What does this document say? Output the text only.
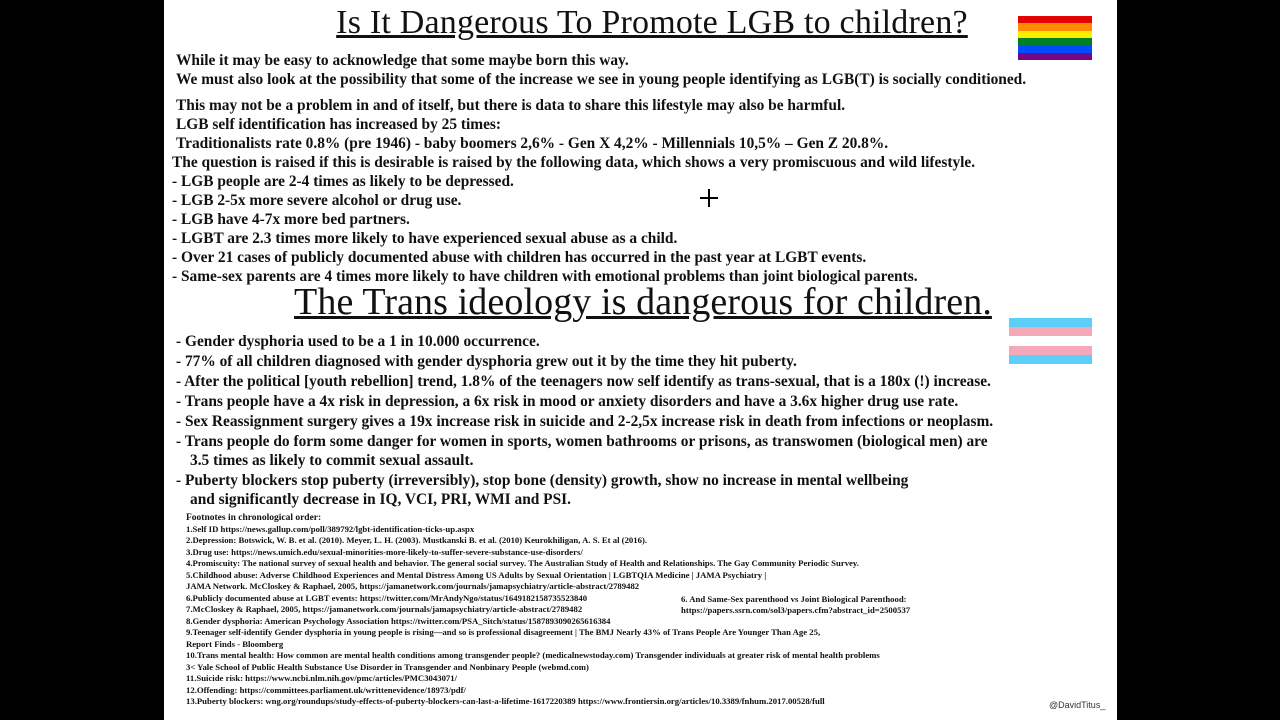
Is It Dangerous To Promote LGB to children?
While it may be easy to acknowledge that some maybe born this way.
We must also look at the possibility that some of the increase we see in young people identifying as LGB(T) is socially conditioned.
This may not be a problem in and of itself, but there is data to share this lifestyle may also be harmful.
LGB self identification has increased by 25 times:
Traditionalists rate 0.8% (pre 1946) - baby boomers 2,6% - Gen X 4,2% - Millennials 10,5% – Gen Z 20.8%.
The question is raised if this is desirable is raised by the following data, which shows a very promiscuous and wild lifestyle.
- LGB people are 2-4 times as likely to be depressed.
- LGB 2-5x more severe alcohol or drug use.
- LGB have 4-7x more bed partners.
- LGBT are 2.3 times more likely to have experienced sexual abuse as a child.
- Over 21 cases of publicly documented abuse with children has occurred in the past year at LGBT events.
- Same-sex parents are 4 times more likely to have children with emotional problems than joint biological parents.
The Trans ideology is dangerous for children.
- Gender dysphoria used to be a 1 in 10.000 occurrence.
- 77% of all children diagnosed with gender dysphoria grew out it by the time they hit puberty.
- After the political [youth rebellion] trend, 1.8% of the teenagers now self identify as trans-sexual, that is a 180x (!) increase.
- Trans people have a 4x risk in depression, a 6x risk in mood or anxiety disorders and have a 3.6x higher drug use rate.
- Sex Reassignment surgery gives a 19x increase risk in suicide and 2-2,5x increase risk in death from infections or neoplasm.
- Trans people do form some danger for women in sports, women bathrooms or prisons, as transwomen (biological men) are
3.5 times as likely to commit sexual assault.
- Puberty blockers stop puberty (irreversibly), stop bone (density) growth, show no increase in mental wellbeing
and significantly decrease in IQ, VCI, PRI, WMI and PSI.
Footnotes in chronological order:
1.Self ID https://news.gallup.com/poll/389792/lgbt-identification-ticks-up.aspx
2.Depression: Botswick, W. B. et al. (2010). Meyer, L. H. (2003). Mustkanski B. et al. (2010) Keurokhiligan, A. S. Et al (2016).
3.Drug use: https://news.umich.edu/sexual-minorities-more-likely-to-suffer-severe-substance-use-disorders/
4.Promiscuity: The national survey of sexual health and behavior. The general social survey. The Australian Study of Health and Relationships. The Gay Community Periodic Survey.
5.Childhood abuse: Adverse Childhood Experiences and Mental Distress Among US Adults by Sexual Orientation | LGBTQIA Medicine | JAMA Psychiatry |
JAMA Network. McCloskey & Raphael, 2005, https://jamanetwork.com/journals/jamapsychiatry/article-abstract/2789482
6.Publicly documented abuse at LGBT events: https://twitter.com/MrAndyNgo/status/1649182158735523840
7.McCloskey & Raphael, 2005, https://jamanetwork.com/journals/jamapsychiatry/article-abstract/2789482
8.Gender dysphoria: American Psychology Association https://twitter.com/PSA_Sitch/status/1587893090265616384
9.Teenager self-identify Gender dysphoria in young people is rising—and so is professional disagreement | The BMJ Nearly 43% of Trans People Are Younger Than Age 25,
Report Finds - Bloomberg
10.Trans mental health: How common are mental health conditions among transgender people? (medicalnewstoday.com) Transgender individuals at greater risk of mental health problems
3< Yale School of Public Health Substance Use Disorder in Transgender and Nonbinary People (webmd.com)
11.Suicide risk: https://www.ncbi.nlm.nih.gov/pmc/articles/PMC3043071/
12.Offending: https://committees.parliament.uk/writtenevidence/18973/pdf/
13.Puberty blockers: wng.org/roundups/study-effects-of-puberty-blockers-can-last-a-lifetime-1617220389 https://www.frontiersin.org/articles/10.3389/fnhum.2017.00528/full
6. And Same-Sex parenthood vs Joint Biological Parenthood:
https://papers.ssrn.com/sol3/papers.cfm?abstract_id=2500537
@DavidTitus_
